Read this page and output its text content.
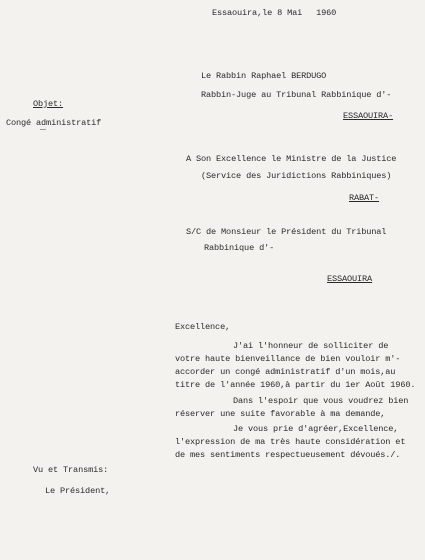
Essaouira,le 8 Mai 1960
Le Rabbin Raphael BERDUGO
Rabbin-Juge au Tribunal Rabbinique d'-
ESSAOUIRA-
Objet:
Congé administratif
A Son Excellence le Ministre de la Justice
(Service des Juridictions Rabbiniques)
RABAT-
S/C de Monsieur le Président du Tribunal
Rabbinique d'-
ESSAOUIRA
Excellence,
J'ai l'honneur de solliciter de
votre haute bienveillance de bien vouloir m'-
accorder un congé administratif d'un mois,au
titre de l'année 1960,à partir du 1er Août 1960.
Dans l'espoir que vous voudrez bien
réserver une suite favorable à ma demande,
Je vous prie d'agréer,Excellence,
l'expression de ma très haute considération et
de mes sentiments respectueusement dévoués./.
Vu et Transmis:
Le Président,
